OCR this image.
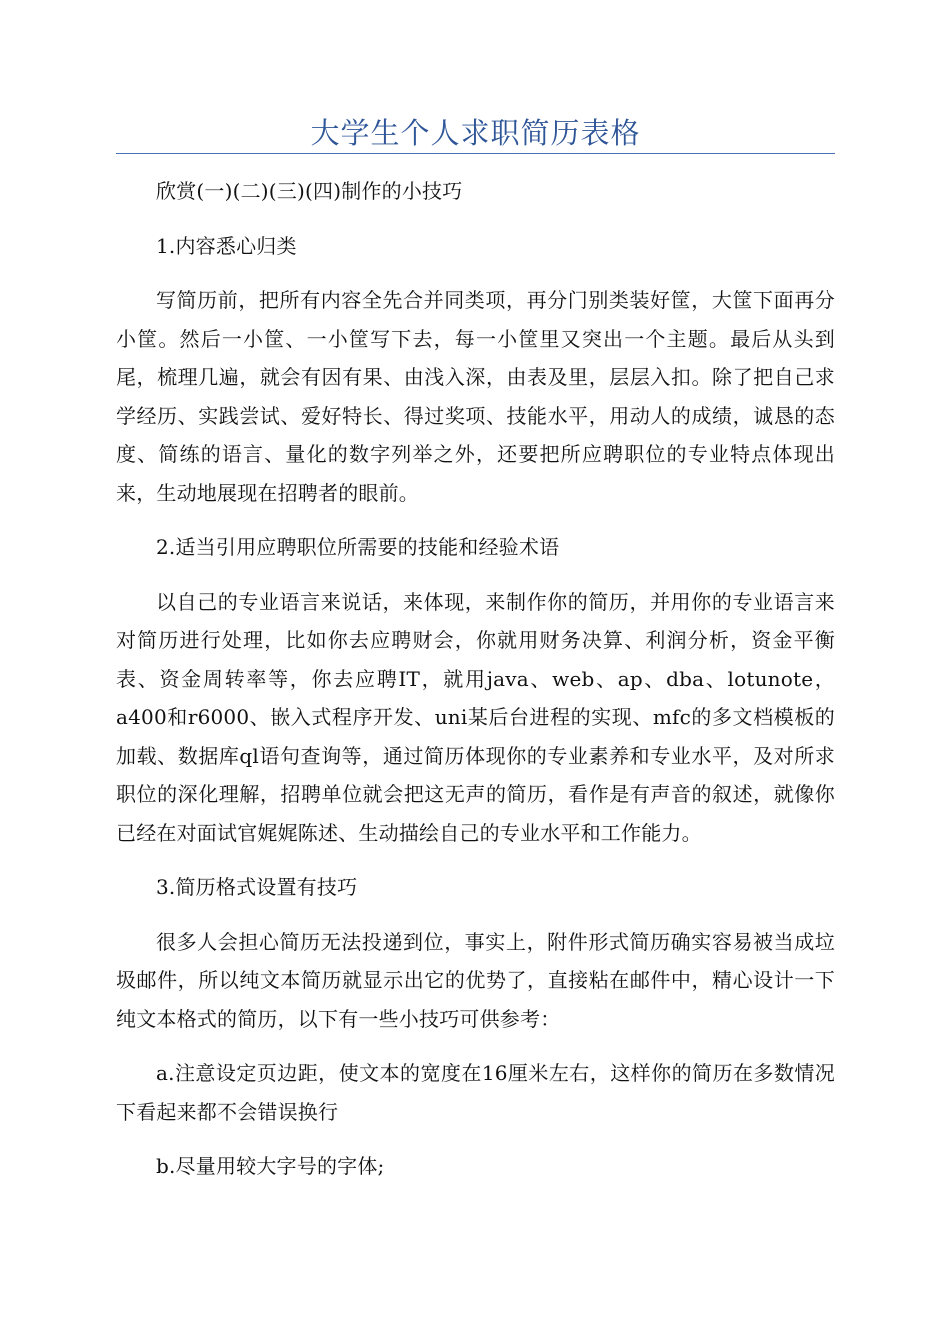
大学生个人求职简历表格

欣赏(一)(二)(三)(四)制作的小技巧

1.内容悉心归类

写简历前，把所有内容全先合并同类项，再分门别类装好筐，大筐下面再分小筐。然后一小筐、一小筐写下去，每一小筐里又突出一个主题。最后从头到尾，梳理几遍，就会有因有果、由浅入深，由表及里，层层入扣。除了把自己求学经历、实践尝试、爱好特长、得过奖项、技能水平，用动人的成绩，诚恳的态度、简练的语言、量化的数字列举之外，还要把所应聘职位的专业特点体现出来，生动地展现在招聘者的眼前。

2.适当引用应聘职位所需要的技能和经验术语

以自己的专业语言来说话，来体现，来制作你的简历，并用你的专业语言来对简历进行处理，比如你去应聘财会，你就用财务决算、利润分析，资金平衡表、资金周转率等，你去应聘IT，就用java、web、ap、dba、lotunote，a400和r6000、嵌入式程序开发、uni某后台进程的实现、mfc的多文档模板的加载、数据库ql语句查询等，通过简历体现你的专业素养和专业水平，及对所求职位的深化理解，招聘单位就会把这无声的简历，看作是有声音的叙述，就像你已经在对面试官娓娓陈述、生动描绘自己的专业水平和工作能力。

3.简历格式设置有技巧

很多人会担心简历无法投递到位，事实上，附件形式简历确实容易被当成垃圾邮件，所以纯文本简历就显示出它的优势了，直接粘在邮件中，精心设计一下纯文本格式的简历，以下有一些小技巧可供参考：

a.注意设定页边距，使文本的宽度在16厘米左右，这样你的简历在多数情况下看起来都不会错误换行

b.尽量用较大字号的字体;
